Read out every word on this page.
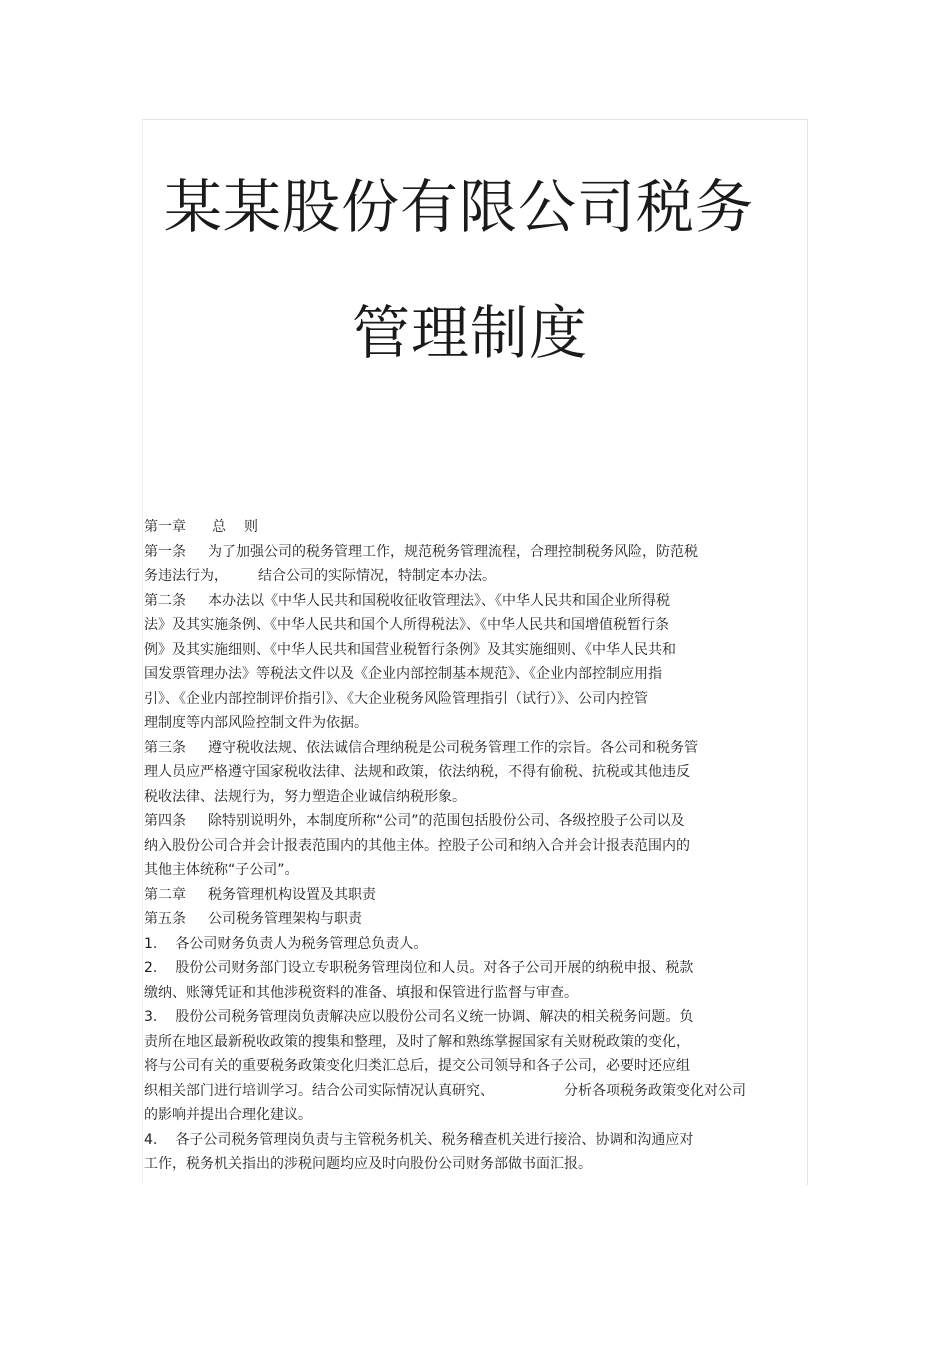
某某股份有限公司税务
管理制度
第一章 总 则
第一条 为了加强公司的税务管理工作，规范税务管理流程，合理控制税务风险，防范税
务违法行为， 结合公司的实际情况，特制定本办法。
第二条 本办法以《中华人民共和国税收征收管理法》、《中华人民共和国企业所得税
法》及其实施条例、《中华人民共和国个人所得税法》、《中华人民共和国增值税暂行条
例》及其实施细则、《中华人民共和国营业税暂行条例》及其实施细则、《中华人民共和
国发票管理办法》等税法文件以及《企业内部控制基本规范》、《企业内部控制应用指
引》、《企业内部控制评价指引》、《大企业税务风险管理指引（试行）》、公司内控管
理制度等内部风险控制文件为依据。
第三条 遵守税收法规、依法诚信合理纳税是公司税务管理工作的宗旨。各公司和税务管
理人员应严格遵守国家税收法律、法规和政策，依法纳税，不得有偷税、抗税或其他违反
税收法律、法规行为，努力塑造企业诚信纳税形象。
第四条 除特别说明外，本制度所称“公司”的范围包括股份公司、各级控股子公司以及
纳入股份公司合并会计报表范围内的其他主体。控股子公司和纳入合并会计报表范围内的
其他主体统称“子公司”。
第二章 税务管理机构设置及其职责
第五条 公司税务管理架构与职责
1. 各公司财务负责人为税务管理总负责人。
2. 股份公司财务部门设立专职税务管理岗位和人员。对各子公司开展的纳税申报、税款
缴纳、账簿凭证和其他涉税资料的准备、填报和保管进行监督与审查。
3. 股份公司税务管理岗负责解决应以股份公司名义统一协调、解决的相关税务问题。负
责所在地区最新税收政策的搜集和整理，及时了解和熟练掌握国家有关财税政策的变化，
将与公司有关的重要税务政策变化归类汇总后，提交公司领导和各子公司，必要时还应组
织相关部门进行培训学习。结合公司实际情况认真研究、	分析各项税务政策变化对公司
的影响并提出合理化建议。
4. 各子公司税务管理岗负责与主管税务机关、税务稽查机关进行接洽、协调和沟通应对
工作，税务机关指出的涉税问题均应及时向股份公司财务部做书面汇报。
